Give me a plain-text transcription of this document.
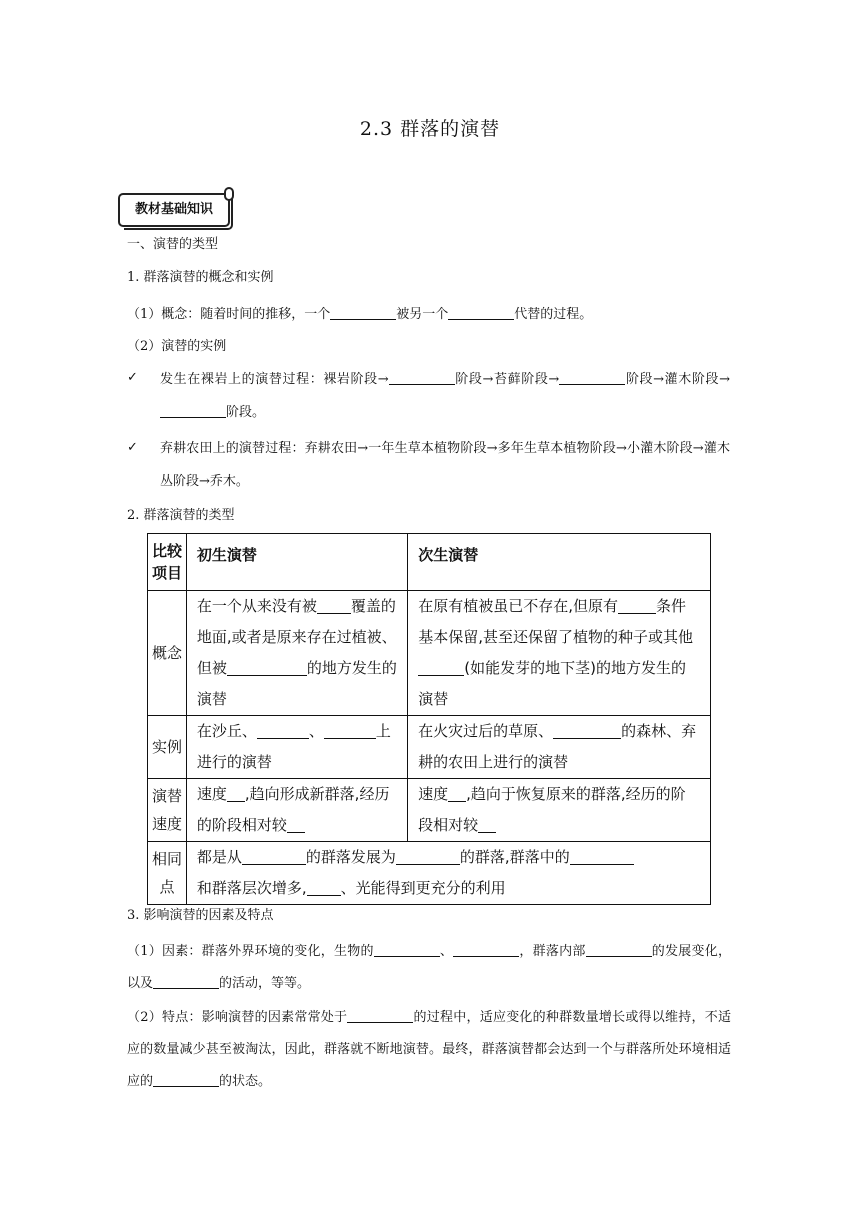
2.3 群落的演替
教材基础知识
一、演替的类型
1. 群落演替的概念和实例
（1）概念：随着时间的推移，一个	被另一个	代替的过程。
（2）演替的实例
✓ 发生在裸岩上的演替过程：裸岩阶段→	阶段→苔藓阶段→	阶段→灌木阶段→阶段。
✓ 弃耕农田上的演替过程：弃耕农田→一年生草本植物阶段→多年生草本植物阶段→小灌木阶段→灌木丛阶段→乔木。
2. 群落演替的类型
比较项目	初生演替	次生演替
概念	在一个从来没有被 覆盖的地面,或者是原来存在过植被、但被 的地方发生的演替	在原有植被虽已不存在,但原有 条件基本保留,甚至还保留了植物的种子或其他(如能发芽的地下茎)的地方发生的演替
实例	在沙丘、 、 上进行的演替	在火灾过后的草原、 的森林、弃耕的农田上进行的演替
演替速度	速度 ,趋向形成新群落,经历的阶段相对较	速度 ,趋向于恢复原来的群落,经历的阶段相对较
相同点	都是从 的群落发展为 的群落,群落中的
和群落层次增多, 、光能得到更充分的利用	
3. 影响演替的因素及特点
（1）因素：群落外界环境的变化，生物的	、	，群落内部	的发展变化，以及	的活动，等等。
（2）特点：影响演替的因素常常处于	的过程中，适应变化的种群数量增长或得以维持，不适应的数量减少甚至被淘汰，因此，群落就不断地演替。最终，群落演替都会达到一个与群落所处环境相适应的	的状态。
